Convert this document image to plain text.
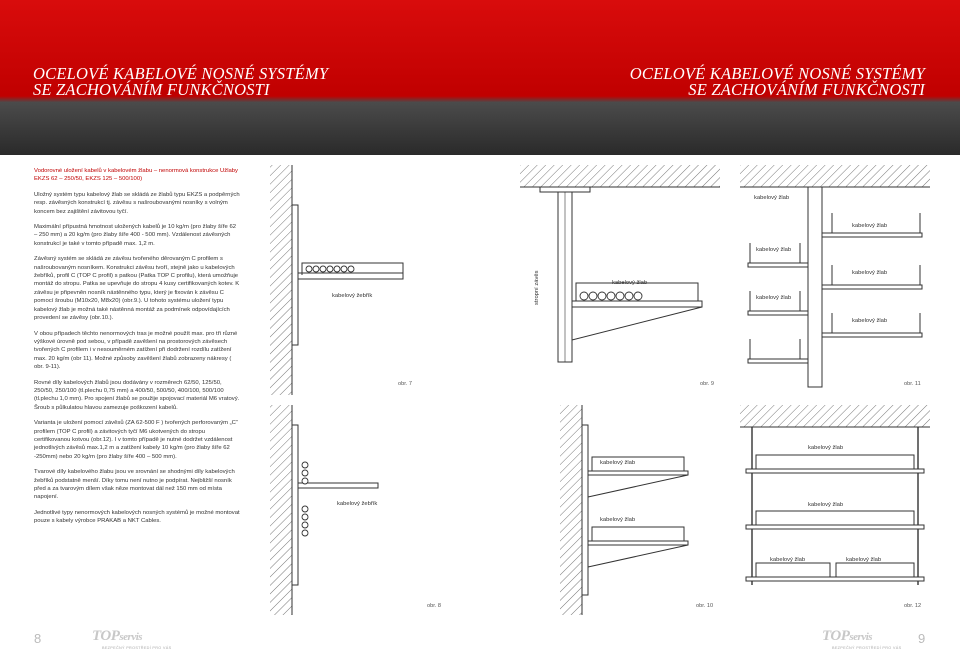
OCELOVÉ KABELOVÉ NOSNÉ SYSTÉMY
SE ZACHOVÁNÍM FUNKČNOSTI
OCELOVÉ KABELOVÉ NOSNÉ SYSTÉMY
SE ZACHOVÁNÍM FUNKČNOSTI

Vodorovné uložení kabelů v kabelovém žlabu – nenormová konstrukce Užlaby EKZS 62 – 250/50, EKZS 125 – 500/100)

Uložný systém typu kabelový žlab se skládá ze žlabů typu EKZS a podpěrných resp. závěsných konstrukcí tj. závěsu s našroubovanými nosníky s volným koncem bez zajištění závitovou tyčí.

Maximální přípustná hmotnost uložených kabelů je 10 kg/m (pro žlaby šíře 62 – 250 mm) a 20 kg/m (pro žlaby šíře 400 - 500 mm). Vzdálenost závěsných konstrukcí je také v tomto případě max. 1,2 m.

Závěsný systém se skládá ze závěsu tvořeného děrovaným C profilem s našroubovaným nosníkem. Konstrukci závěsu tvoří, stejně jako u kabelových žebříků, profil C (TOP C profil) s patkou (Patka TOP C profilu), která umožňuje montáž do stropu. Patka se upevňuje do stropu 4 kusy certifikovaných kotev. K závěsu je připevněn nosník nástěnného typu, který je fixován k závěsu C pomocí šroubu (M10x20, M8x20) (obr.9.). U tohoto systému uložení typu kabelový žlab je možná také nástěnná montáž za podmínek odpovídajících provedení se závěsy (obr.10.).

V obou případech těchto nenormových tras je možné použít max. pro tři různé výškové úrovně pod sebou, v případě zavěšení na prostorových závěsech tvořených C profilem i v nesouměrném zatížení při dodržení rozdílu zatížení max. 20 kg/m (obr 11). Možné způsoby zavěšení žlabů zobrazeny nákresy ( obr. 9-11).

Rovné díly kabelových žlabů jsou dodávány v rozměrech 62/50, 125/50, 250/50, 250/100 (tl.plechu 0,75 mm) a 400/50, 500/50, 400/100, 500/100 (tl.plechu 1,0 mm). Pro spojení žlabů se použije spojovací materiál M6 vratový. Šroub s půlkulatou hlavou zamezuje poškození kabelů.

Varianta je uložení pomocí závěsů (ZA 62-500 F ) tvořených perforovaným „C“ profilem (TOP C profil) a závitových tyčí M6 ukotvených do stropu certifikovanou kotvou (obr.12). I v tomto případě je nutné dodržet vzdálenost jednotlivých závěsů max.1,2 m a zatížení kabely 10 kg/m (pro žlaby šíře 62 -250mm) nebo 20 kg/m (pro žlaby šíře 400 – 500 mm).

Tvarové díly kabelového žlabu jsou ve srovnání se shodnými díly kabelových žebříků podstatně menší. Díky tomu není nutno je podpírat. Nejbližší nosník před a za tvarovým dílem však něze montovat dál než 150 mm od místa napojení.

Jednotlivé typy nenormových kabelových nosných systémů je možné montovat pouze s kabely výrobce PRAKAB a NKT Cables.

kabelový žebřík
obr. 7
stropní závěs	kabelový žlab
obr. 9
kabelový žlab
kabelový žlab
kabelový žlab
kabelový žlab
kabelový žlab
kabelový žlab
obr. 11
kabelový žebřík
obr. 8
kabelový žlab
kabelový žlab
obr. 10
kabelový žlab
kabelový žlab
kabelový žlab	kabelový žlab
obr. 12
8	TOPservis
BEZPEČNÝ PROSTŘEDÍ PRO VÁS
TOPservis
BEZPEČNÝ PROSTŘEDÍ PRO VÁS
9
